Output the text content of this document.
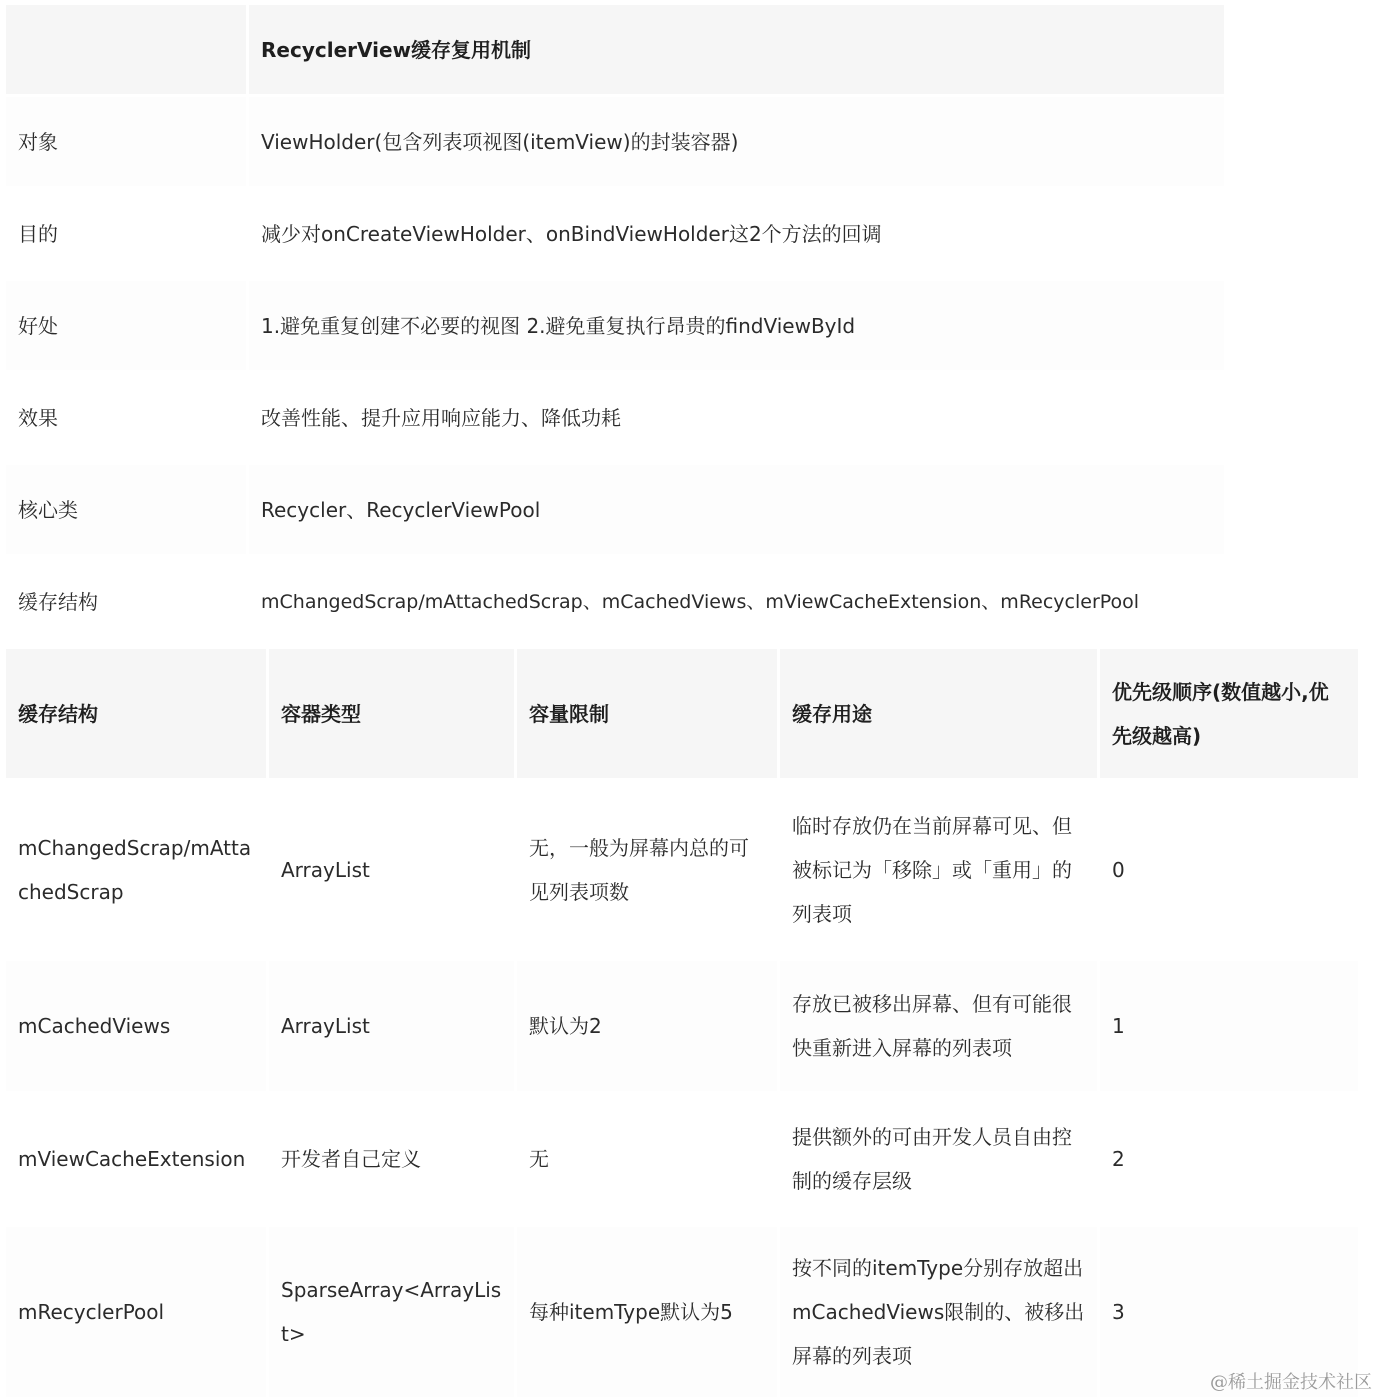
	RecyclerView缓存复用机制
对象	ViewHolder(包含列表项视图(itemView)的封装容器)
目的	减少对onCreateViewHolder、onBindViewHolder这2个方法的回调
好处	1.避免重复创建不必要的视图 2.避免重复执行昂贵的findViewById
效果	改善性能、提升应用响应能力、降低功耗
核心类	Recycler、RecyclerViewPool
缓存结构	mChangedScrap/mAttachedScrap、mCachedViews、mViewCacheExtension、mRecyclerPool
缓存结构	容器类型	容量限制	缓存用途	优先级顺序(数值越小,优先级越高)
mChangedScrap/mAttachedScrap	ArrayList	无，一般为屏幕内总的可见列表项数	临时存放仍在当前屏幕可见、但被标记为「移除」或「重用」的列表项	0
mCachedViews	ArrayList	默认为2	存放已被移出屏幕、但有可能很快重新进入屏幕的列表项	1
mViewCacheExtension	开发者自己定义	无	提供额外的可由开发人员自由控制的缓存层级	2
mRecyclerPool	SparseArray<ArrayList>	每种itemType默认为5	按不同的itemType分别存放超出mCachedViews限制的、被移出屏幕的列表项	3
@稀土掘金技术社区
